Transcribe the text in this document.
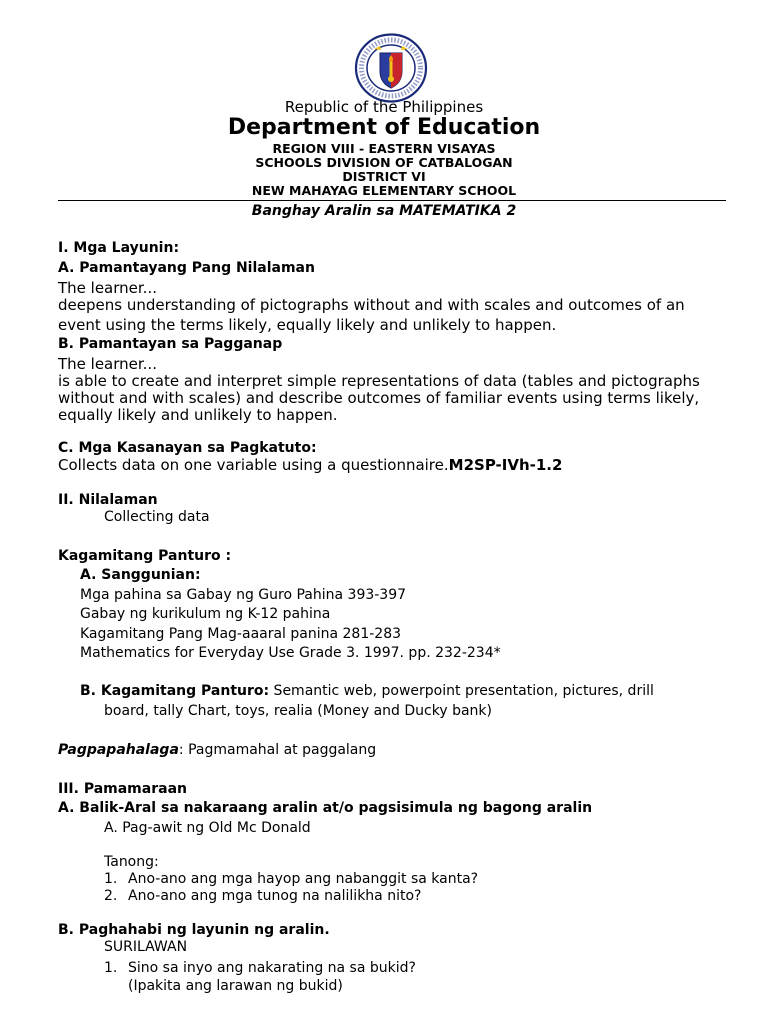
Republic of the Philippines
Department of Education
REGION VIII - EASTERN VISAYAS
SCHOOLS DIVISION OF CATBALOGAN
DISTRICT VI
NEW MAHAYAG ELEMENTARY SCHOOL
Banghay Aralin sa MATEMATIKA 2
I. Mga Layunin:
A. Pamantayang Pang Nilalaman
The learner...
deepens understanding of pictographs without and with scales and outcomes of an
event using the terms likely, equally likely and unlikely to happen.
B. Pamantayan sa Pagganap
The learner...
is able to create and interpret simple representations of data (tables and pictographs
without and with scales) and describe outcomes of familiar events using terms likely,
equally likely and unlikely to happen.
C. Mga Kasanayan sa Pagkatuto:
Collects data on one variable using a questionnaire.M2SP-IVh-1.2
II. Nilalaman
Collecting data
Kagamitang Panturo :
A. Sanggunian:
Mga pahina sa Gabay ng Guro Pahina 393-397
Gabay ng kurikulum ng K-12 pahina
Kagamitang Pang Mag-aaaral panina 281-283
Mathematics for Everyday Use Grade 3. 1997. pp. 232-234*
B. Kagamitang Panturo: Semantic web, powerpoint presentation, pictures, drill
board, tally Chart, toys, realia (Money and Ducky bank)
Pagpapahalaga: Pagmamahal at paggalang
III. Pamamaraan
A. Balik-Aral sa nakaraang aralin at/o pagsisimula ng bagong aralin
A. Pag-awit ng Old Mc Donald
Tanong:
1. Ano-ano ang mga hayop ang nabanggit sa kanta?
2. Ano-ano ang mga tunog na nalilikha nito?
B. Paghahabi ng layunin ng aralin.
SURILAWAN
1. Sino sa inyo ang nakarating na sa bukid?
(Ipakita ang larawan ng bukid)
